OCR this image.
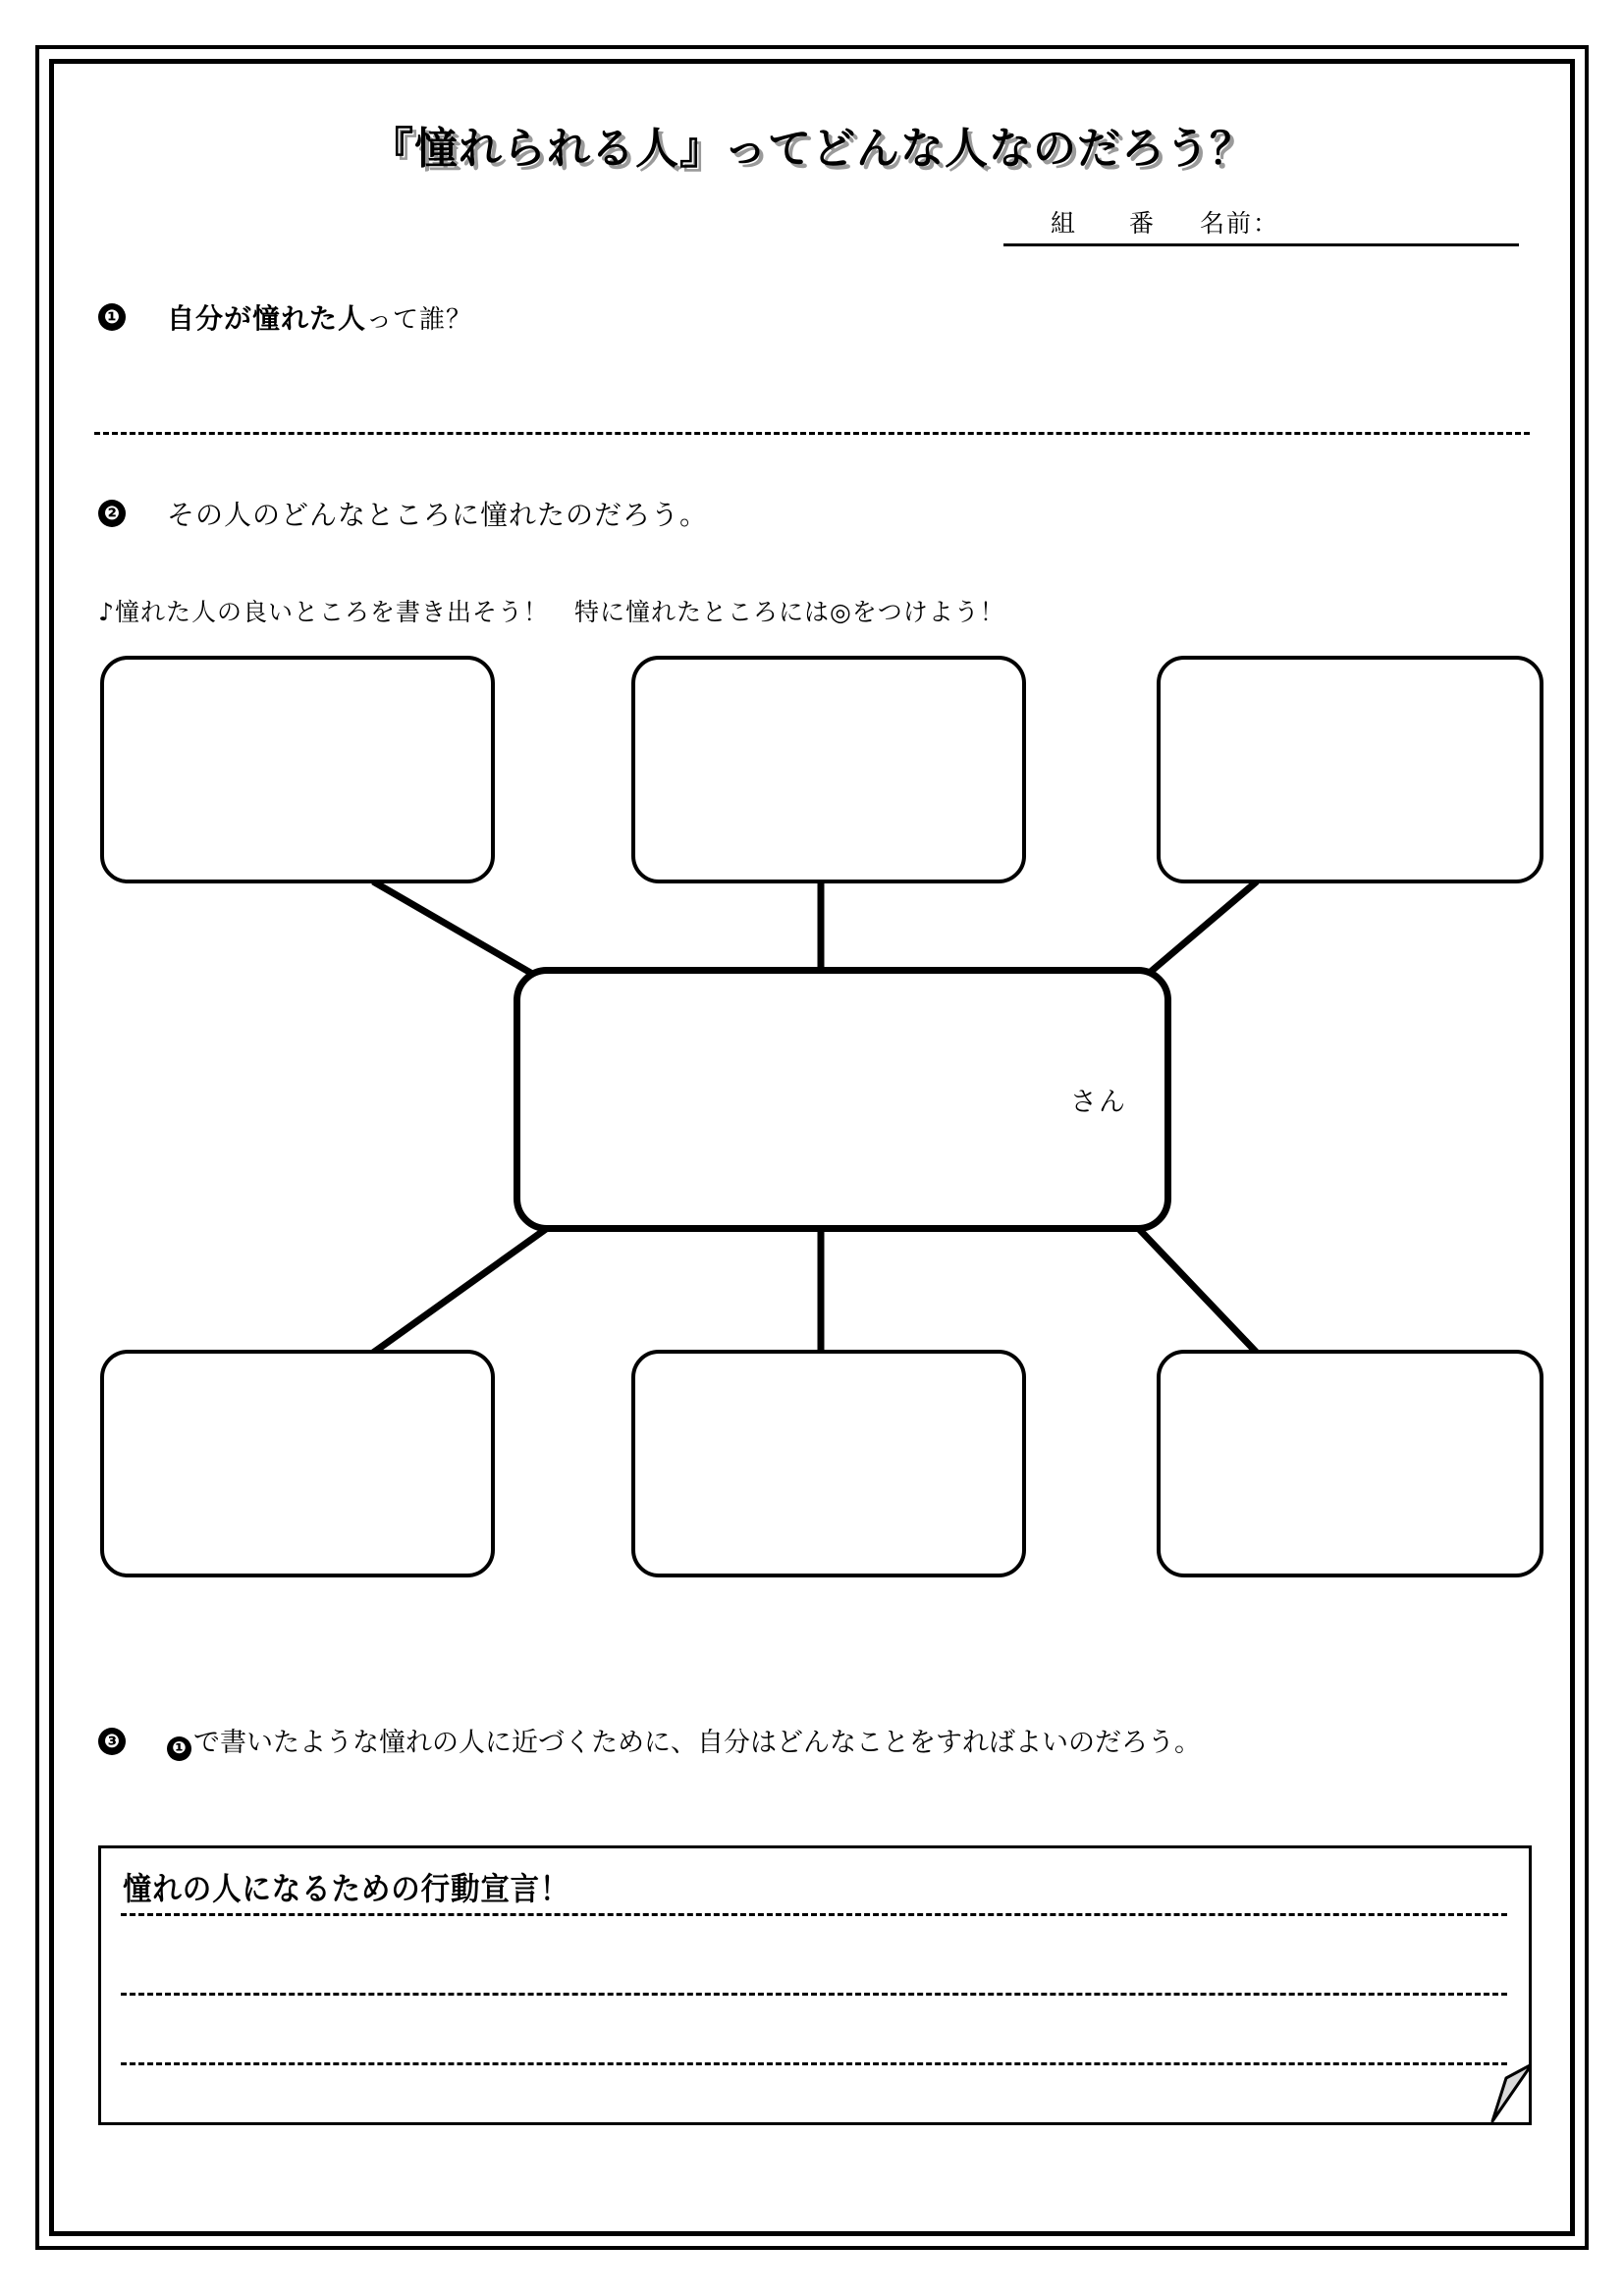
『憧れられる人』ってどんな人なのだろう？
組 番 名前：
❶ 自分が憧れた人 って誰？
❷ その人のどんなところに憧れたのだろう。
♪憧れた人の良いところを書き出そう！　特に憧れたところには◎をつけよう！
さん
❸	❶ で書いたような憧れの人に近づくために、自分はどんなことをすればよいのだろう。
憧れの人になるための行動宣言！
